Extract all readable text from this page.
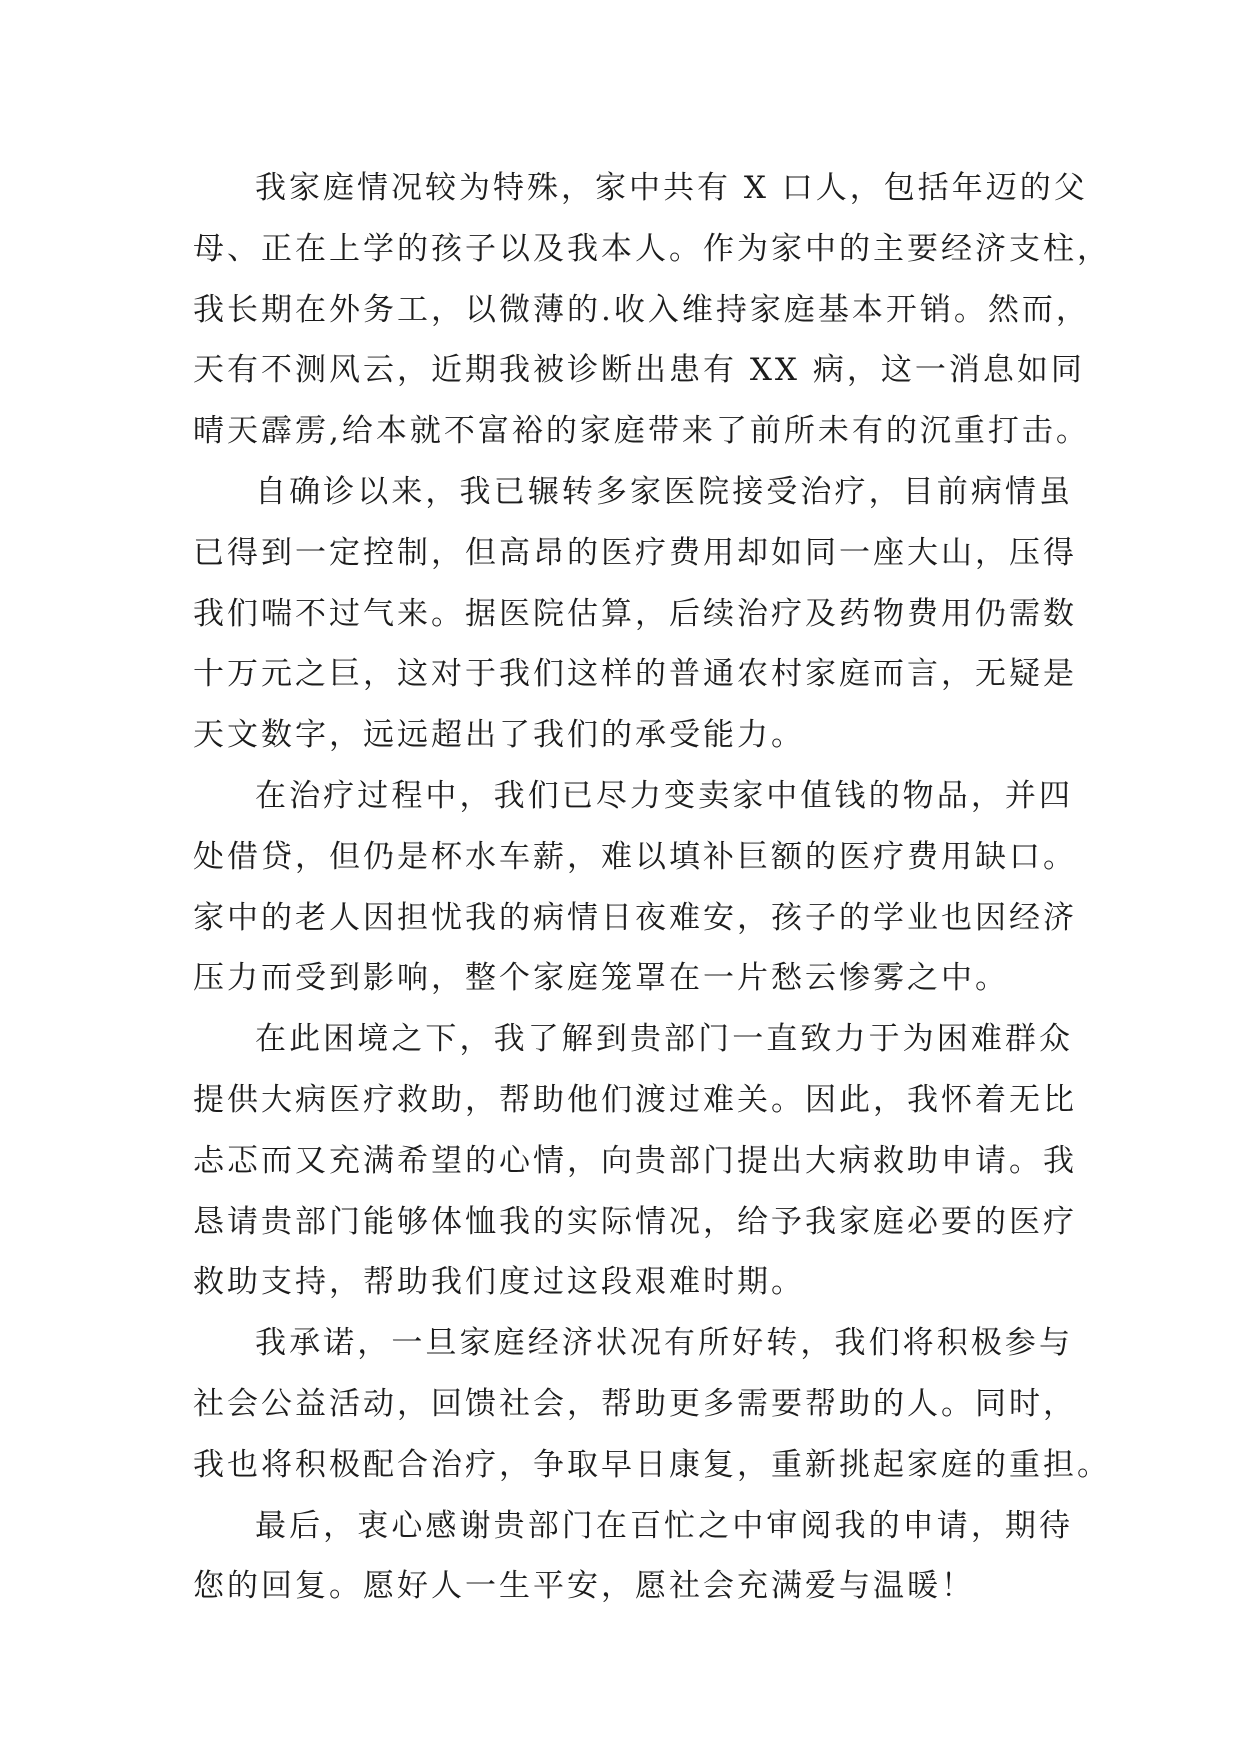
我家庭情况较为特殊，家中共有 X 口人，包括年迈的父
母、正在上学的孩子以及我本人。作为家中的主要经济支柱，
我长期在外务工，以微薄的.收入维持家庭基本开销。然而，
天有不测风云，近期我被诊断出患有 XX 病，这一消息如同
晴天霹雳,给本就不富裕的家庭带来了前所未有的沉重打击。
自确诊以来，我已辗转多家医院接受治疗，目前病情虽
已得到一定控制，但高昂的医疗费用却如同一座大山，压得
我们喘不过气来。据医院估算，后续治疗及药物费用仍需数
十万元之巨，这对于我们这样的普通农村家庭而言，无疑是
天文数字，远远超出了我们的承受能力。
在治疗过程中，我们已尽力变卖家中值钱的物品，并四
处借贷，但仍是杯水车薪，难以填补巨额的医疗费用缺口。
家中的老人因担忧我的病情日夜难安，孩子的学业也因经济
压力而受到影响，整个家庭笼罩在一片愁云惨雾之中。
在此困境之下，我了解到贵部门一直致力于为困难群众
提供大病医疗救助，帮助他们渡过难关。因此，我怀着无比
忐忑而又充满希望的心情，向贵部门提出大病救助申请。我
恳请贵部门能够体恤我的实际情况，给予我家庭必要的医疗
救助支持，帮助我们度过这段艰难时期。
我承诺，一旦家庭经济状况有所好转，我们将积极参与
社会公益活动，回馈社会，帮助更多需要帮助的人。同时，
我也将积极配合治疗，争取早日康复，重新挑起家庭的重担。
最后，衷心感谢贵部门在百忙之中审阅我的申请，期待
您的回复。愿好人一生平安，愿社会充满爱与温暖！
